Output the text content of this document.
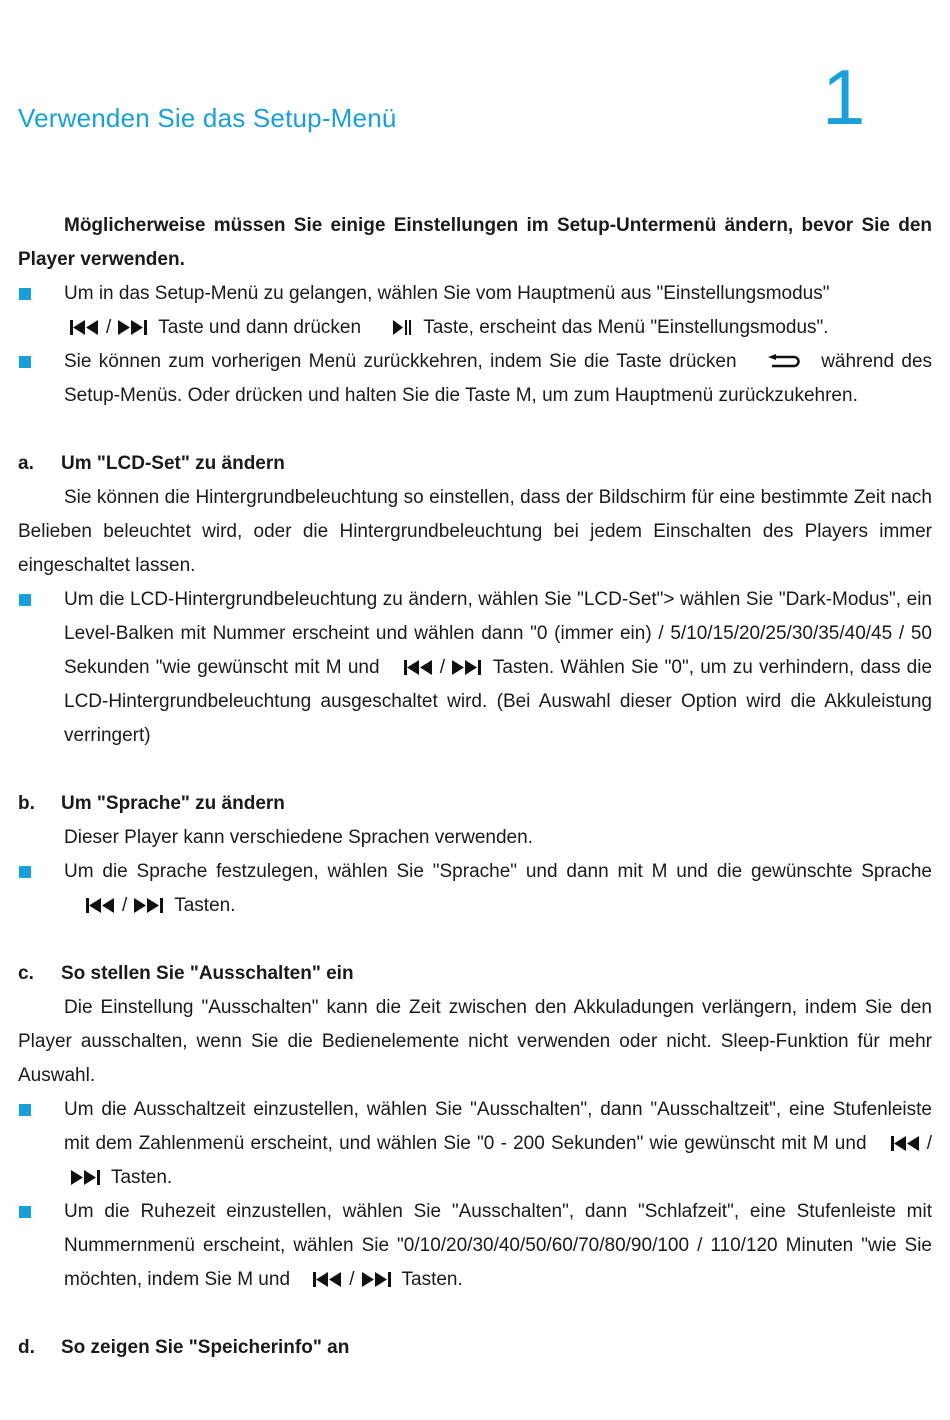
Verwenden Sie das Setup-Menü	1

Möglicherweise müssen Sie einige Einstellungen im Setup-Untermenü ändern, bevor Sie den Player verwenden.

Um in das Setup-Menü zu gelangen, wählen Sie vom Hauptmenü aus "Einstellungsmodus"

/ Taste und dann drücken	Taste, erscheint das Menü "Einstellungsmodus".

Sie können zum vorherigen Menü zurückkehren, indem Sie die Taste drücken	während des Setup-Menüs. Oder drücken und halten Sie die Taste M, um zum Hauptmenü zurückzukehren.

a. Um "LCD-Set" zu ändern

Sie können die Hintergrundbeleuchtung so einstellen, dass der Bildschirm für eine bestimmte Zeit nach Belieben beleuchtet wird, oder die Hintergrundbeleuchtung bei jedem Einschalten des Players immer eingeschaltet lassen.

Um die LCD-Hintergrundbeleuchtung zu ändern, wählen Sie "LCD-Set"> wählen Sie "Dark-Modus", ein Level-Balken mit Nummer erscheint und wählen dann "0 (immer ein) / 5/10/15/20/25/30/35/40/45 / 50 Sekunden "wie gewünscht mit M und	/	Tasten. Wählen Sie "0", um zu verhindern, dass die LCD-Hintergrundbeleuchtung ausgeschaltet wird. (Bei Auswahl dieser Option wird die Akkuleistung verringert)

b. Um "Sprache" zu ändern

Dieser Player kann verschiedene Sprachen verwenden.

Um die Sprache festzulegen, wählen Sie "Sprache" und dann mit M und die gewünschte Sprache
/ Tasten.

c. So stellen Sie "Ausschalten" ein

Die Einstellung "Ausschalten" kann die Zeit zwischen den Akkuladungen verlängern, indem Sie den Player ausschalten, wenn Sie die Bedienelemente nicht verwenden oder nicht. Sleep-Funktion für mehr Auswahl.

Um die Ausschaltzeit einzustellen, wählen Sie "Ausschalten", dann "Ausschaltzeit", eine Stufenleiste mit dem Zahlenmenü erscheint, und wählen Sie "0 - 200 Sekunden" wie gewünscht mit M und	/
Tasten.

Um die Ruhezeit einzustellen, wählen Sie "Ausschalten", dann "Schlafzeit", eine Stufenleiste mit Nummernmenü erscheint, wählen Sie "0/10/20/30/40/50/60/70/80/90/100 / 110/120 Minuten "wie Sie möchten, indem Sie M und	/ Tasten.

d. So zeigen Sie "Speicherinfo" an
